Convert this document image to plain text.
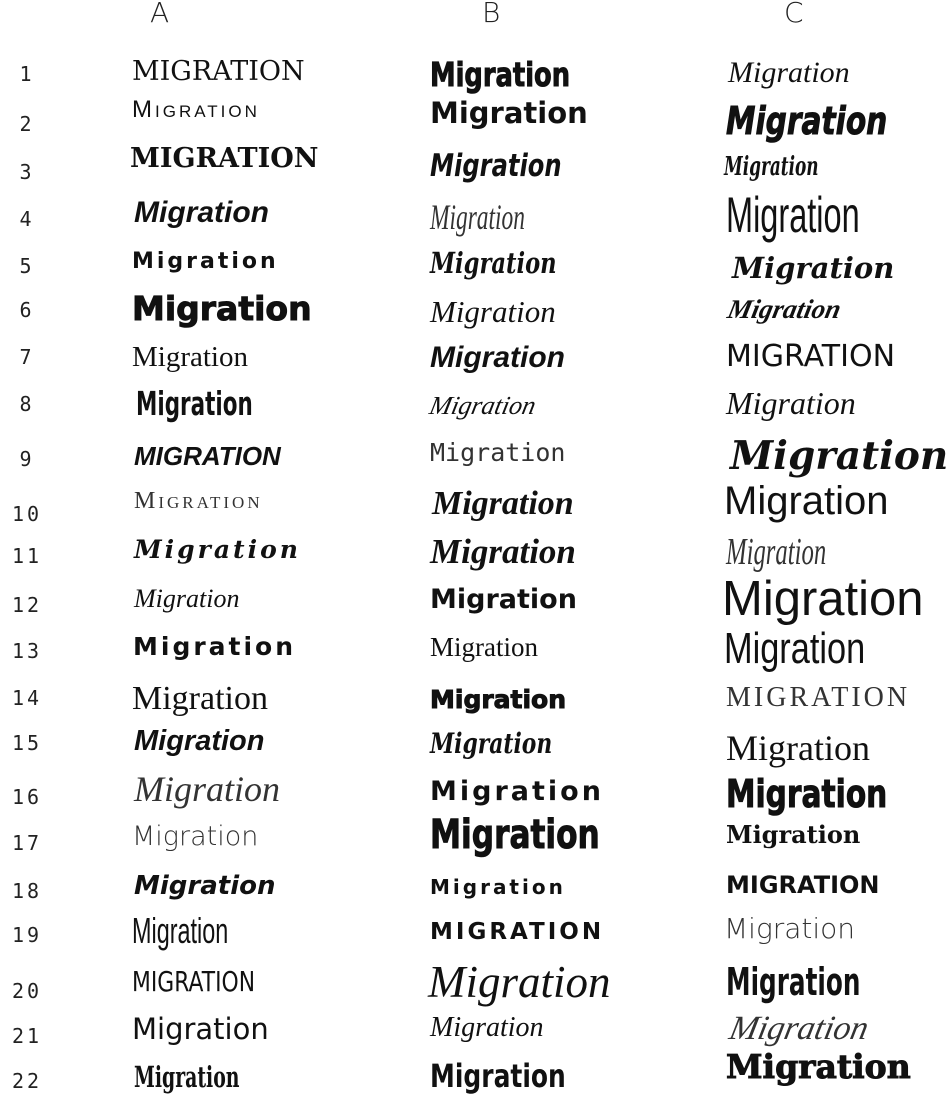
A	B	C
1
2
3
4
5
6
7
8
9
10
11
12
13
14
15
16
17
18
19
20
21
22
MIGRATION
Migration
MIGRATION
Migration
Migration
Migration
Migration
Migration
MIGRATION
Migration
Migration
Migration
Migration
Migration
Migration
Migration
Migration
Migration
Migration
MIGRATION
Migration
Migration
Migration
Migration
Migration
Migration
Migration
Migration
Migration
Migration
Migration
Migration
Migration
Migration
Migration
Migration
Migration
Migration
Migration
Migration
MIGRATION
Migration
Migration
Migration
Migration
Migration
Migration
Migration
Migration
Migration
MIGRATION
Migration
Migration
Migration
Migration
Migration
Migration
MIGRATION
Migration
Migration
Migration
MIGRATION
Migration
Migration
Migration
Migration
